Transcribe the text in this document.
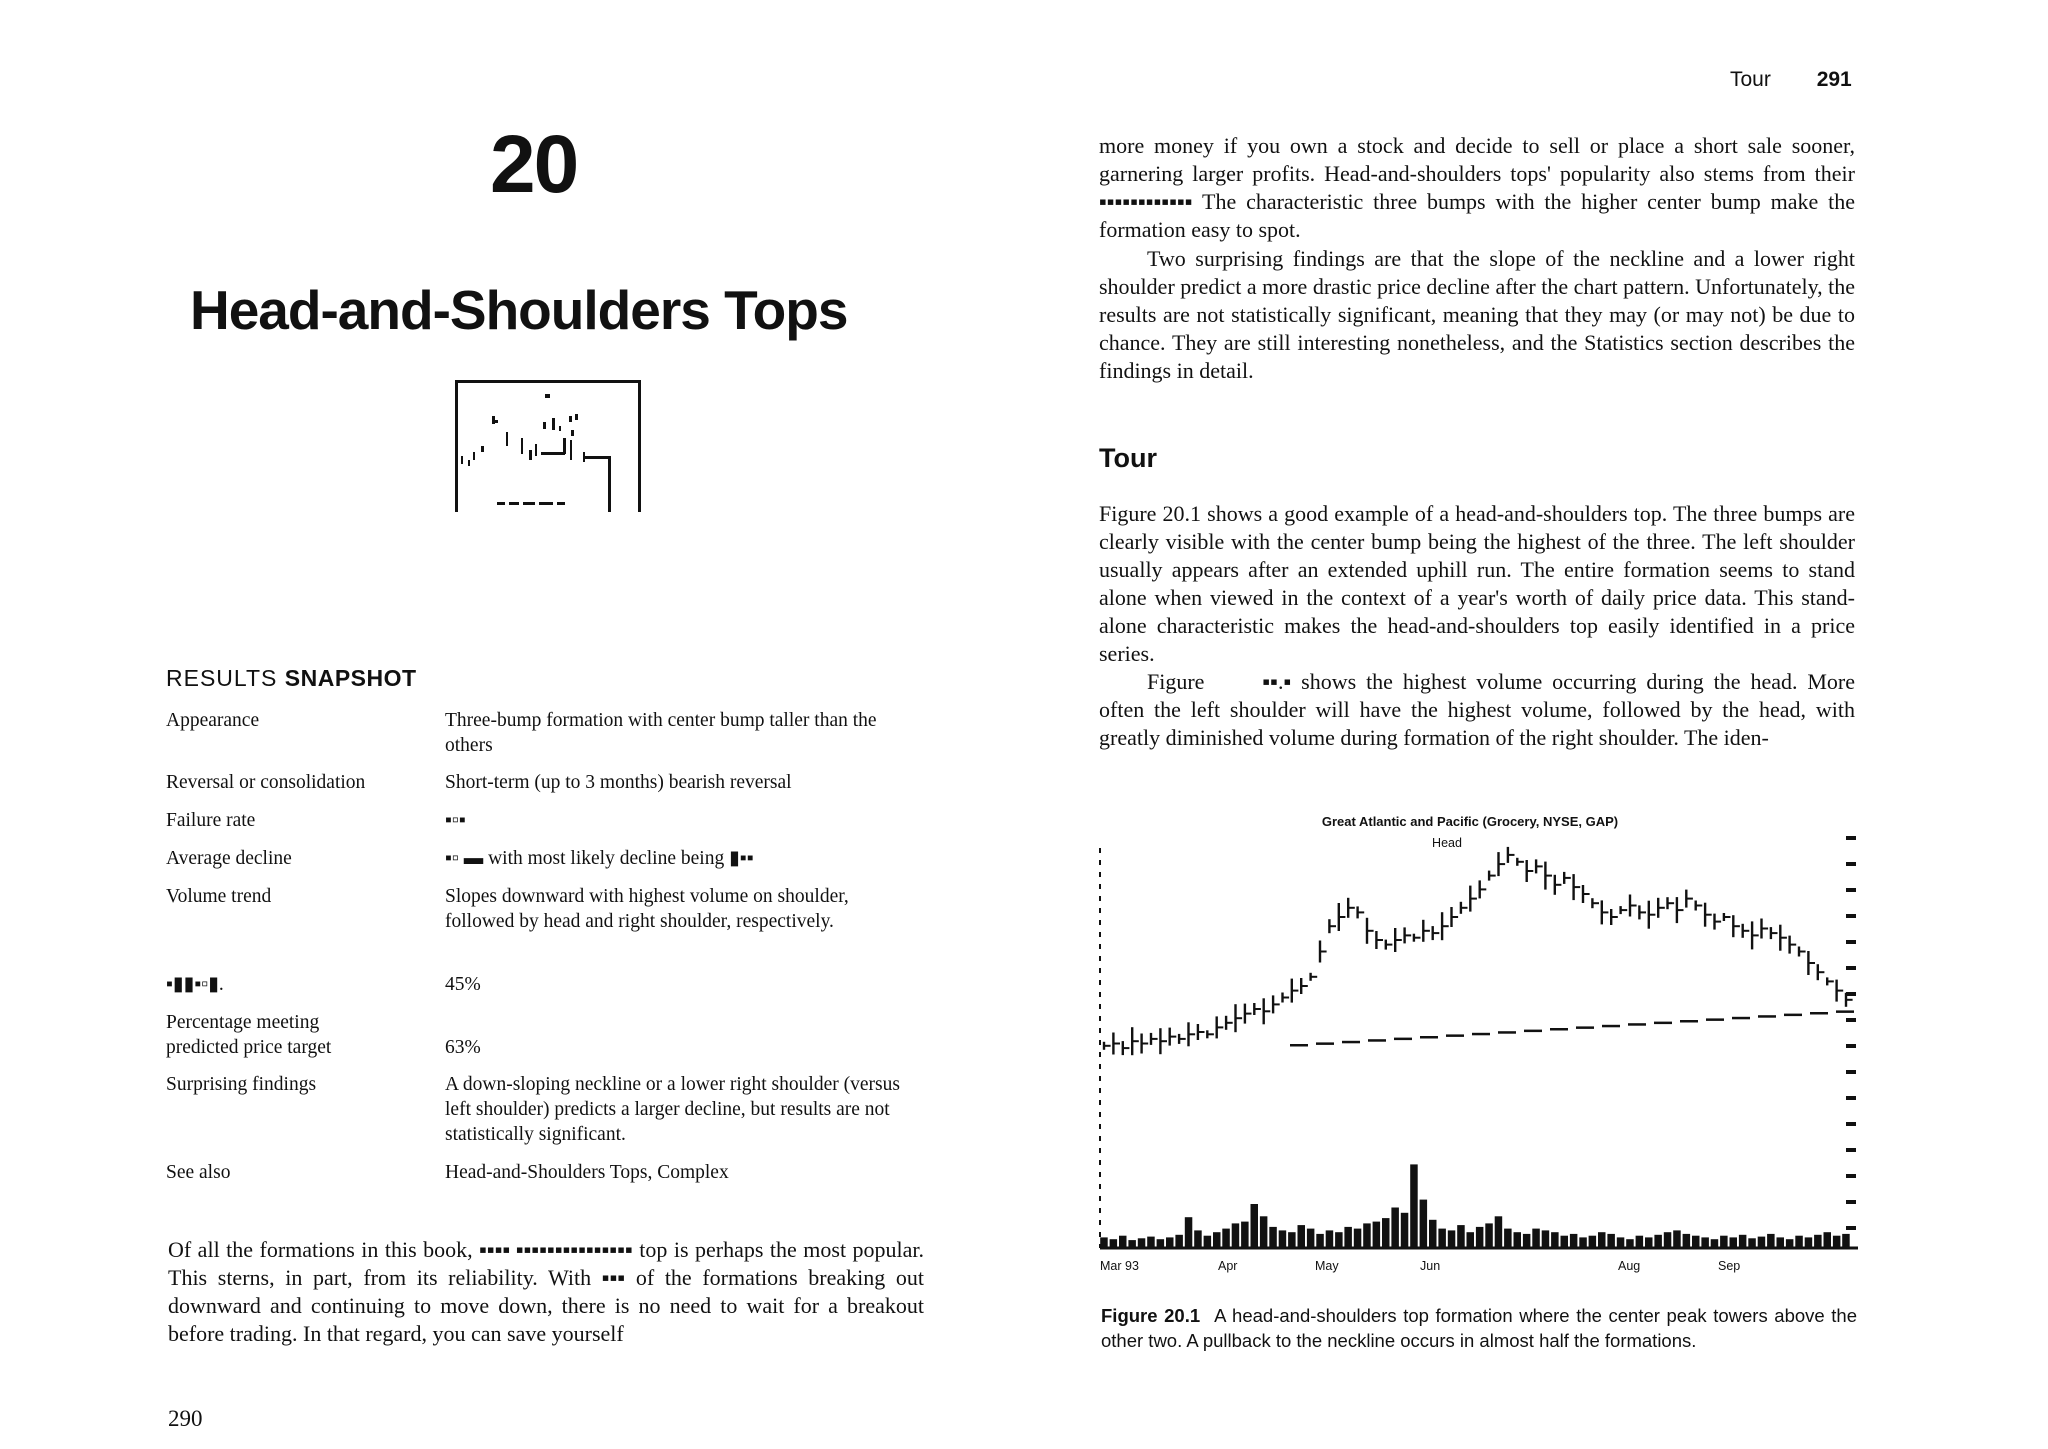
20
Head-and-Shoulders Tops
RESULTS SNAPSHOT
Appearance	Three-bump formation with center bump taller than the others
Reversal or consolidation	Short-term (up to 3 months) bearish reversal
Failure rate	▪▫▪
Average decline	▪▫ ▬ with most likely decline being ▮▪▪
Volume trend	Slopes downward with highest volume on shoulder, followed by head and right shoulder, respectively.
▪▮▮▪▫▮.	45%
Percentage meeting predicted price target	63%
Surprising findings	A down-sloping neckline or a lower right shoulder (versus left shoulder) predicts a larger decline, but results are not statistically significant.
See also	Head-and-Shoulders Tops, Complex
Of all the formations in this book, ▪▪▪▪ ▪▪▪▪▪▪▪▪▪▪▪▪▪▪▪ top is perhaps the most popular. This sterns, in part, from its reliability. With ▪▪▪ of the formations breaking out downward and continuing to move down, there is no need to wait for a breakout before trading. In that regard, you can save yourself
290
Tour 291
more money if you own a stock and decide to sell or place a short sale sooner, garnering larger profits. Head-and-shoulders tops' popularity also stems from their ▪▪▪▪▪▪▪▪▪▪▪▪ The characteristic three bumps with the higher center bump make the formation easy to spot.
Two surprising findings are that the slope of the neckline and a lower right shoulder predict a more drastic price decline after the chart pattern. Unfortunately, the results are not statistically significant, meaning that they may (or may not) be due to chance. They are still interesting nonetheless, and the Statistics section describes the findings in detail.
Tour
Figure 20.1 shows a good example of a head-and-shoulders top. The three bumps are clearly visible with the center bump being the highest of the three. The left shoulder usually appears after an extended uphill run. The entire formation seems to stand alone when viewed in the context of a year's worth of daily price data. This stand-alone characteristic makes the head-and-shoulders top easily identified in a price series.
Figure	▪▪.▪ shows the highest volume occurring during the head. More often the left shoulder will have the highest volume, followed by the head, with greatly diminished volume during formation of the right shoulder. The iden-
Great Atlantic and Pacific (Grocery, NYSE, GAP)
Head
Mar 93	Apr	May	Jun	Aug	Sep
Figure 20.1 A head-and-shoulders top formation where the center peak towers above the other two. A pullback to the neckline occurs in almost half the formations.
